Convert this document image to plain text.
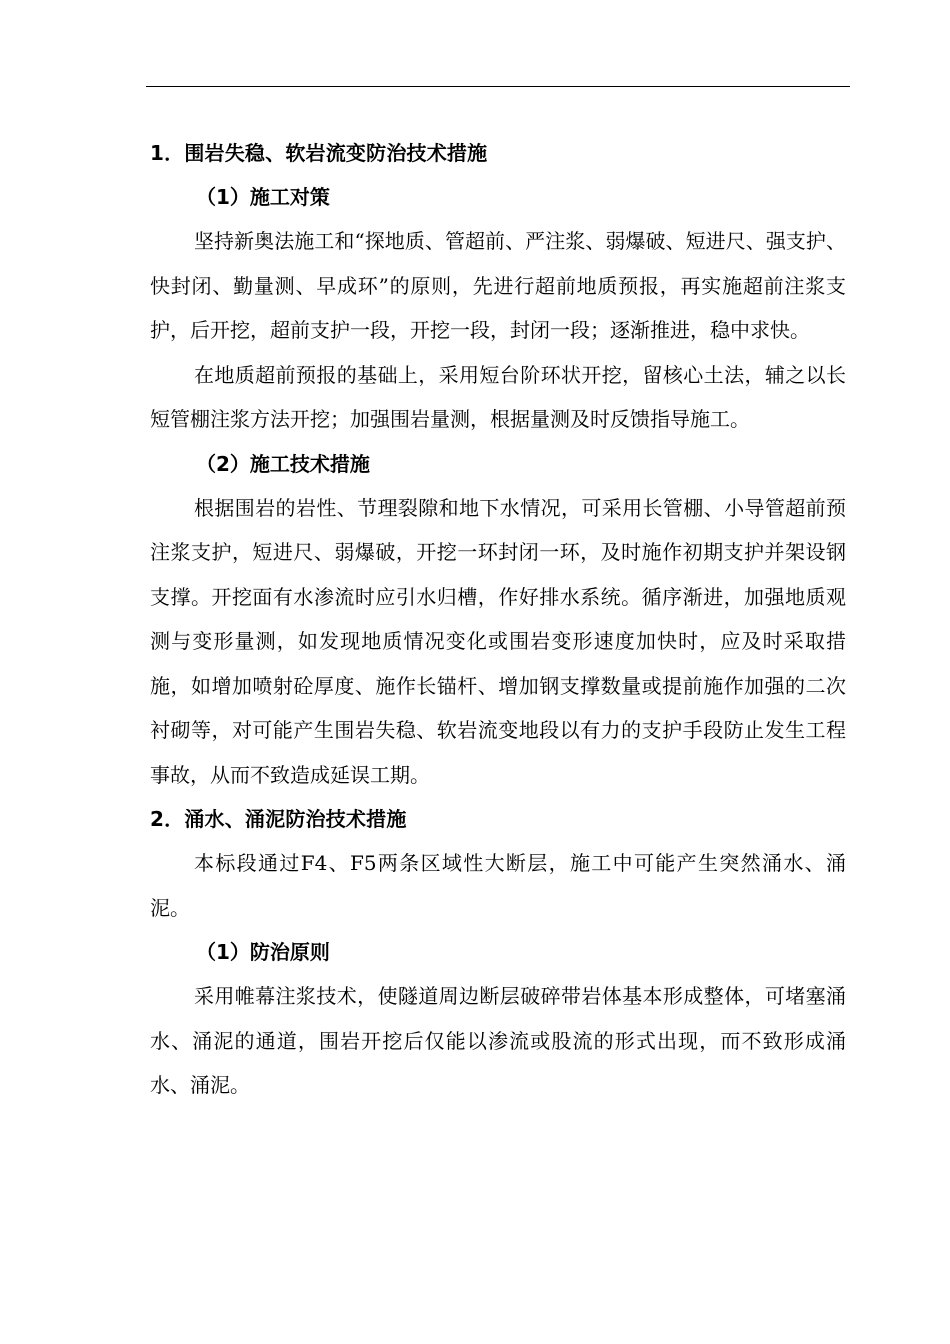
1．围岩失稳、软岩流变防治技术措施
（1）施工对策

坚持新奥法施工和“探地质、管超前、严注浆、弱爆破、短进尺、强支护、快封闭、勤量测、早成环”的原则，先进行超前地质预报，再实施超前注浆支护，后开挖，超前支护一段，开挖一段，封闭一段；逐渐推进，稳中求快。

在地质超前预报的基础上，采用短台阶环状开挖，留核心土法，辅之以长短管棚注浆方法开挖；加强围岩量测，根据量测及时反馈指导施工。

（2）施工技术措施

根据围岩的岩性、节理裂隙和地下水情况，可采用长管棚、小导管超前预注浆支护，短进尺、弱爆破，开挖一环封闭一环，及时施作初期支护并架设钢支撑。开挖面有水渗流时应引水归槽，作好排水系统。循序渐进，加强地质观测与变形量测，如发现地质情况变化或围岩变形速度加快时，应及时采取措施，如增加喷射砼厚度、施作长锚杆、增加钢支撑数量或提前施作加强的二次衬砌等，对可能产生围岩失稳、软岩流变地段以有力的支护手段防止发生工程事故，从而不致造成延误工期。

2．涌水、涌泥防治技术措施

本标段通过F4、F5两条区域性大断层，施工中可能产生突然涌水、涌泥。

（1）防治原则

采用帷幕注浆技术，使隧道周边断层破碎带岩体基本形成整体，可堵塞涌水、涌泥的通道，围岩开挖后仅能以渗流或股流的形式出现，而不致形成涌水、涌泥。
